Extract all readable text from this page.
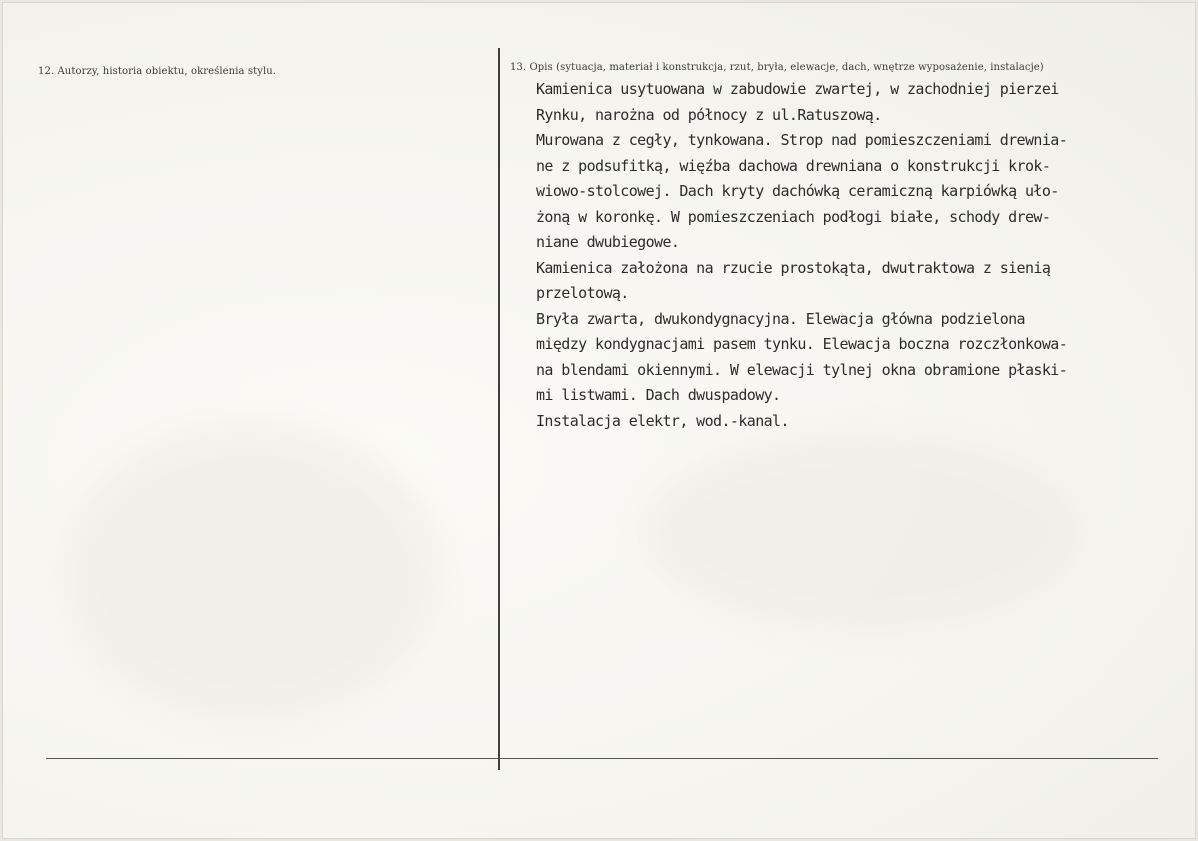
12. Autorzy, historia obiektu, określenia stylu.	13. Opis (sytuacja, materiał i konstrukcja, rzut, bryła, elewacje, dach, wnętrze wyposażenie, instalacje)
Kamienica usytuowana w zabudowie zwartej, w zachodniej pierzei
Rynku, narożna od północy z ul.Ratuszową.
Murowana z cegły, tynkowana. Strop nad pomieszczeniami drewnia-
ne z podsufitką, więźba dachowa drewniana o konstrukcji krok-
wiowo-stolcowej. Dach kryty dachówką ceramiczną karpiówką uło-
żoną w koronkę. W pomieszczeniach podłogi białe, schody drew-
niane dwubiegowe.
Kamienica założona na rzucie prostokąta, dwutraktowa z sienią
przelotową.
Bryła zwarta, dwukondygnacyjna. Elewacja główna podzielona
między kondygnacjami pasem tynku. Elewacja boczna rozczłonkowa-
na blendami okiennymi. W elewacji tylnej okna obramione płaski-
mi listwami. Dach dwuspadowy.
Instalacja elektr, wod.-kanal.
